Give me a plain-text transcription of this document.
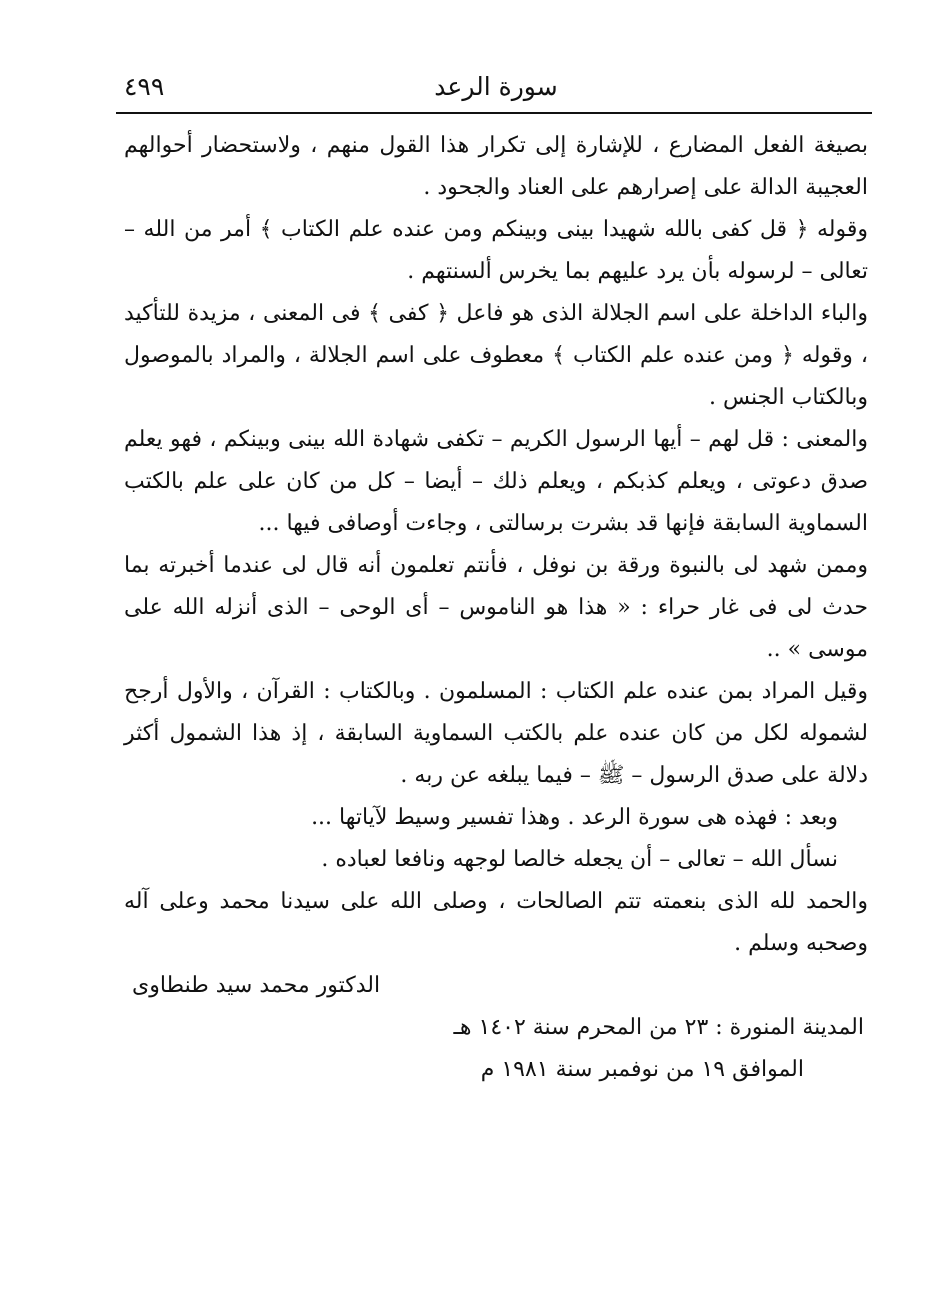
٤٩٩	سورة الرعد

بصيغة الفعل المضارع ، للإشارة إلى تكرار هذا القول منهم ، ولاستحضار أحوالهم العجيبة الدالة على إصرارهم على العناد والجحود .

وقوله ﴿ قل كفى بالله شهيدا بينى وبينكم ومن عنده علم الكتاب ﴾ أمر من الله – تعالى – لرسوله بأن يرد عليهم بما يخرس ألسنتهم .

والباء الداخلة على اسم الجلالة الذى هو فاعل ﴿ كفى ﴾ فى المعنى ، مزيدة للتأكيد ، وقوله ﴿ ومن عنده علم الكتاب ﴾ معطوف على اسم الجلالة ، والمراد بالموصول وبالكتاب الجنس .

والمعنى : قل لهم – أيها الرسول الكريم – تكفى شهادة الله بينى وبينكم ، فهو يعلم صدق دعوتى ، ويعلم كذبكم ، ويعلم ذلك – أيضا – كل من كان على علم بالكتب السماوية السابقة فإنها قد بشرت برسالتى ، وجاءت أوصافى فيها ...

وممن شهد لى بالنبوة ورقة بن نوفل ، فأنتم تعلمون أنه قال لى عندما أخبرته بما حدث لى فى غار حراء : « هذا هو الناموس – أى الوحى – الذى أنزله الله على موسى » ..

وقيل المراد بمن عنده علم الكتاب : المسلمون . وبالكتاب : القرآن ، والأول أرجح لشموله لكل من كان عنده علم بالكتب السماوية السابقة ، إذ هذا الشمول أكثر دلالة على صدق الرسول – ﷺ – فيما يبلغه عن ربه .

وبعد : فهذه هى سورة الرعد . وهذا تفسير وسيط لآياتها ...

نسأل الله – تعالى – أن يجعله خالصا لوجهه ونافعا لعباده .

والحمد لله الذى بنعمته تتم الصالحات ، وصلى الله على سيدنا محمد وعلى آله وصحبه وسلم .

الدكتور محمد سيد طنطاوى

المدينة المنورة : ٢٣ من المحرم سنة ١٤٠٢ هـ
الموافق ١٩ من نوفمبر سنة ١٩٨١ م
